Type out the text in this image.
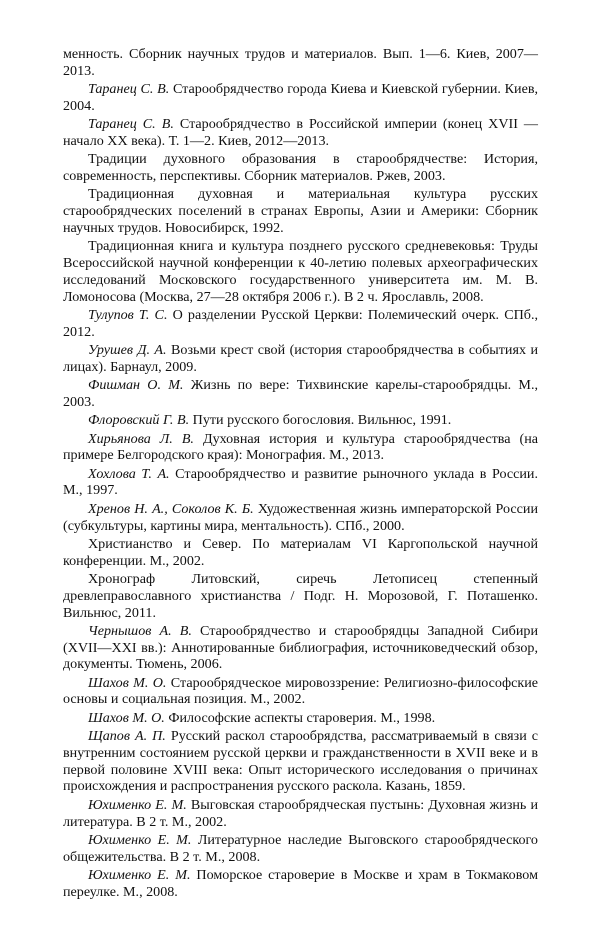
менность. Сборник научных трудов и материалов. Вып. 1—6. Киев, 2007—2013.

Таранец С. В. Старообрядчество города Киева и Киевской губернии. Киев, 2004.

Таранец С. В. Старообрядчество в Российской империи (конец XVII — начало XX века). Т. 1—2. Киев, 2012—2013.

Традиции духовного образования в старообрядчестве: История, современность, перспективы. Сборник материалов. Ржев, 2003.

Традиционная духовная и материальная культура русских старообрядческих поселений в странах Европы, Азии и Америки: Сборник научных трудов. Новосибирск, 1992.

Традиционная книга и культура позднего русского средневековья: Труды Всероссийской научной конференции к 40-летию полевых археографических исследований Московского государственного университета им. М. В. Ломоносова (Москва, 27—28 октября 2006 г.). В 2 ч. Ярославль, 2008.

Тулупов Т. С. О разделении Русской Церкви: Полемический очерк. СПб., 2012.

Урушев Д. А. Возьми крест свой (история старообрядчества в событиях и лицах). Барнаул, 2009.

Фишман О. М. Жизнь по вере: Тихвинские карелы-старообрядцы. М., 2003.

Флоровский Г. В. Пути русского богословия. Вильнюс, 1991.

Хирьянова Л. В. Духовная история и культура старообрядчества (на примере Белгородского края): Монография. М., 2013.

Хохлова Т. А. Старообрядчество и развитие рыночного уклада в России. М., 1997.

Хренов Н. А., Соколов К. Б. Художественная жизнь императорской России (субкультуры, картины мира, ментальность). СПб., 2000.

Христианство и Север. По материалам VI Каргопольской научной конференции. М., 2002.

Хронограф Литовский, сиречь Летописец степенный древлеправославного христианства / Подг. Н. Морозовой, Г. Поташенко. Вильнюс, 2011.

Чернышов А. В. Старообрядчество и старообрядцы Западной Сибири (XVII—XXI вв.): Аннотированные библиография, источниковедческий обзор, документы. Тюмень, 2006.

Шахов М. О. Старообрядческое мировоззрение: Религиозно-философские основы и социальная позиция. М., 2002.

Шахов М. О. Философские аспекты староверия. М., 1998.

Щапов А. П. Русский раскол старообрядства, рассматриваемый в связи с внутренним состоянием русской церкви и гражданственности в XVII веке и в первой половине XVIII века: Опыт исторического исследования о причинах происхождения и распространения русского раскола. Казань, 1859.

Юхименко Е. М. Выговская старообрядческая пустынь: Духовная жизнь и литература. В 2 т. М., 2002.

Юхименко Е. М. Литературное наследие Выговского старообрядческого общежительства. В 2 т. М., 2008.

Юхименко Е. М. Поморское староверие в Москве и храм в Токмаковом переулке. М., 2008.
